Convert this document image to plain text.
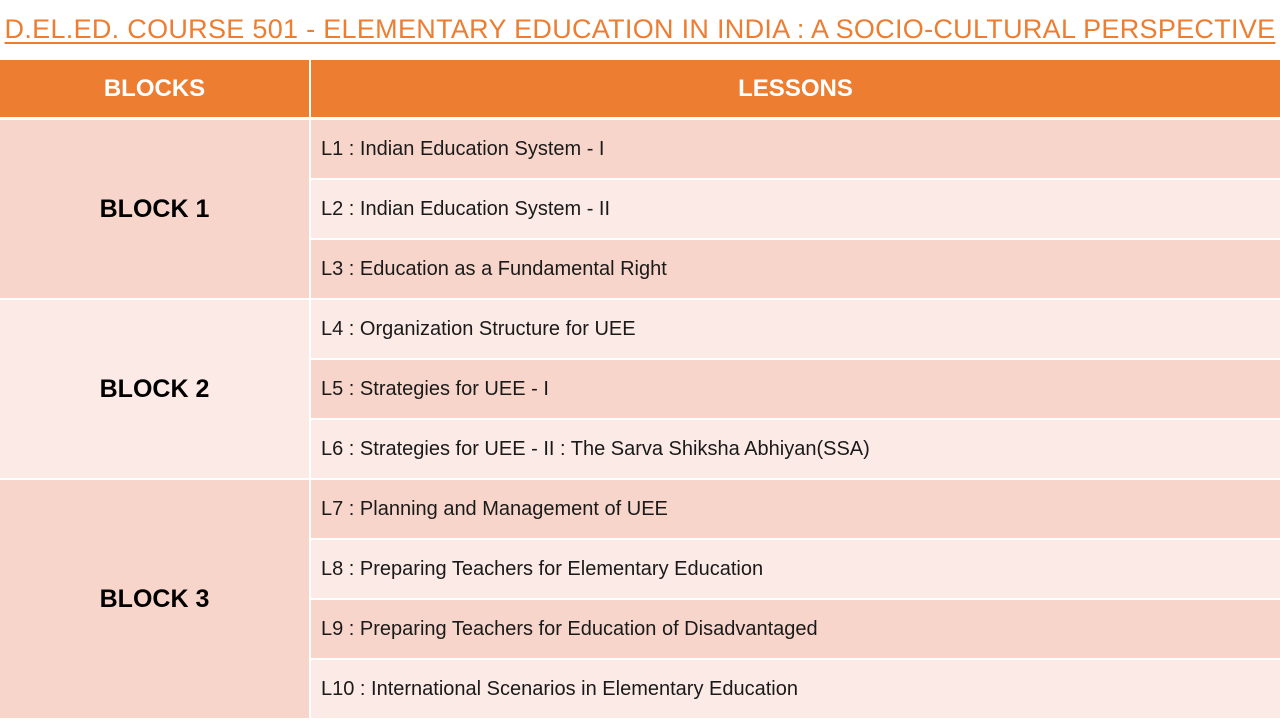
D.EL.ED. COURSE 501 - ELEMENTARY EDUCATION IN INDIA : A SOCIO-CULTURAL PERSPECTIVE
BLOCKS	LESSONS
BLOCK 1	L1 : Indian Education System - I
	L2 : Indian Education System - II
	L3 : Education as a Fundamental Right
BLOCK 2	L4 : Organization Structure for UEE
	L5 : Strategies for UEE - I
	L6 : Strategies for UEE - II : The Sarva Shiksha Abhiyan(SSA)
BLOCK 3	L7 : Planning and Management of UEE
	L8 : Preparing Teachers for Elementary Education
	L9 : Preparing Teachers for Education of Disadvantaged
	L10 : International Scenarios in Elementary Education
